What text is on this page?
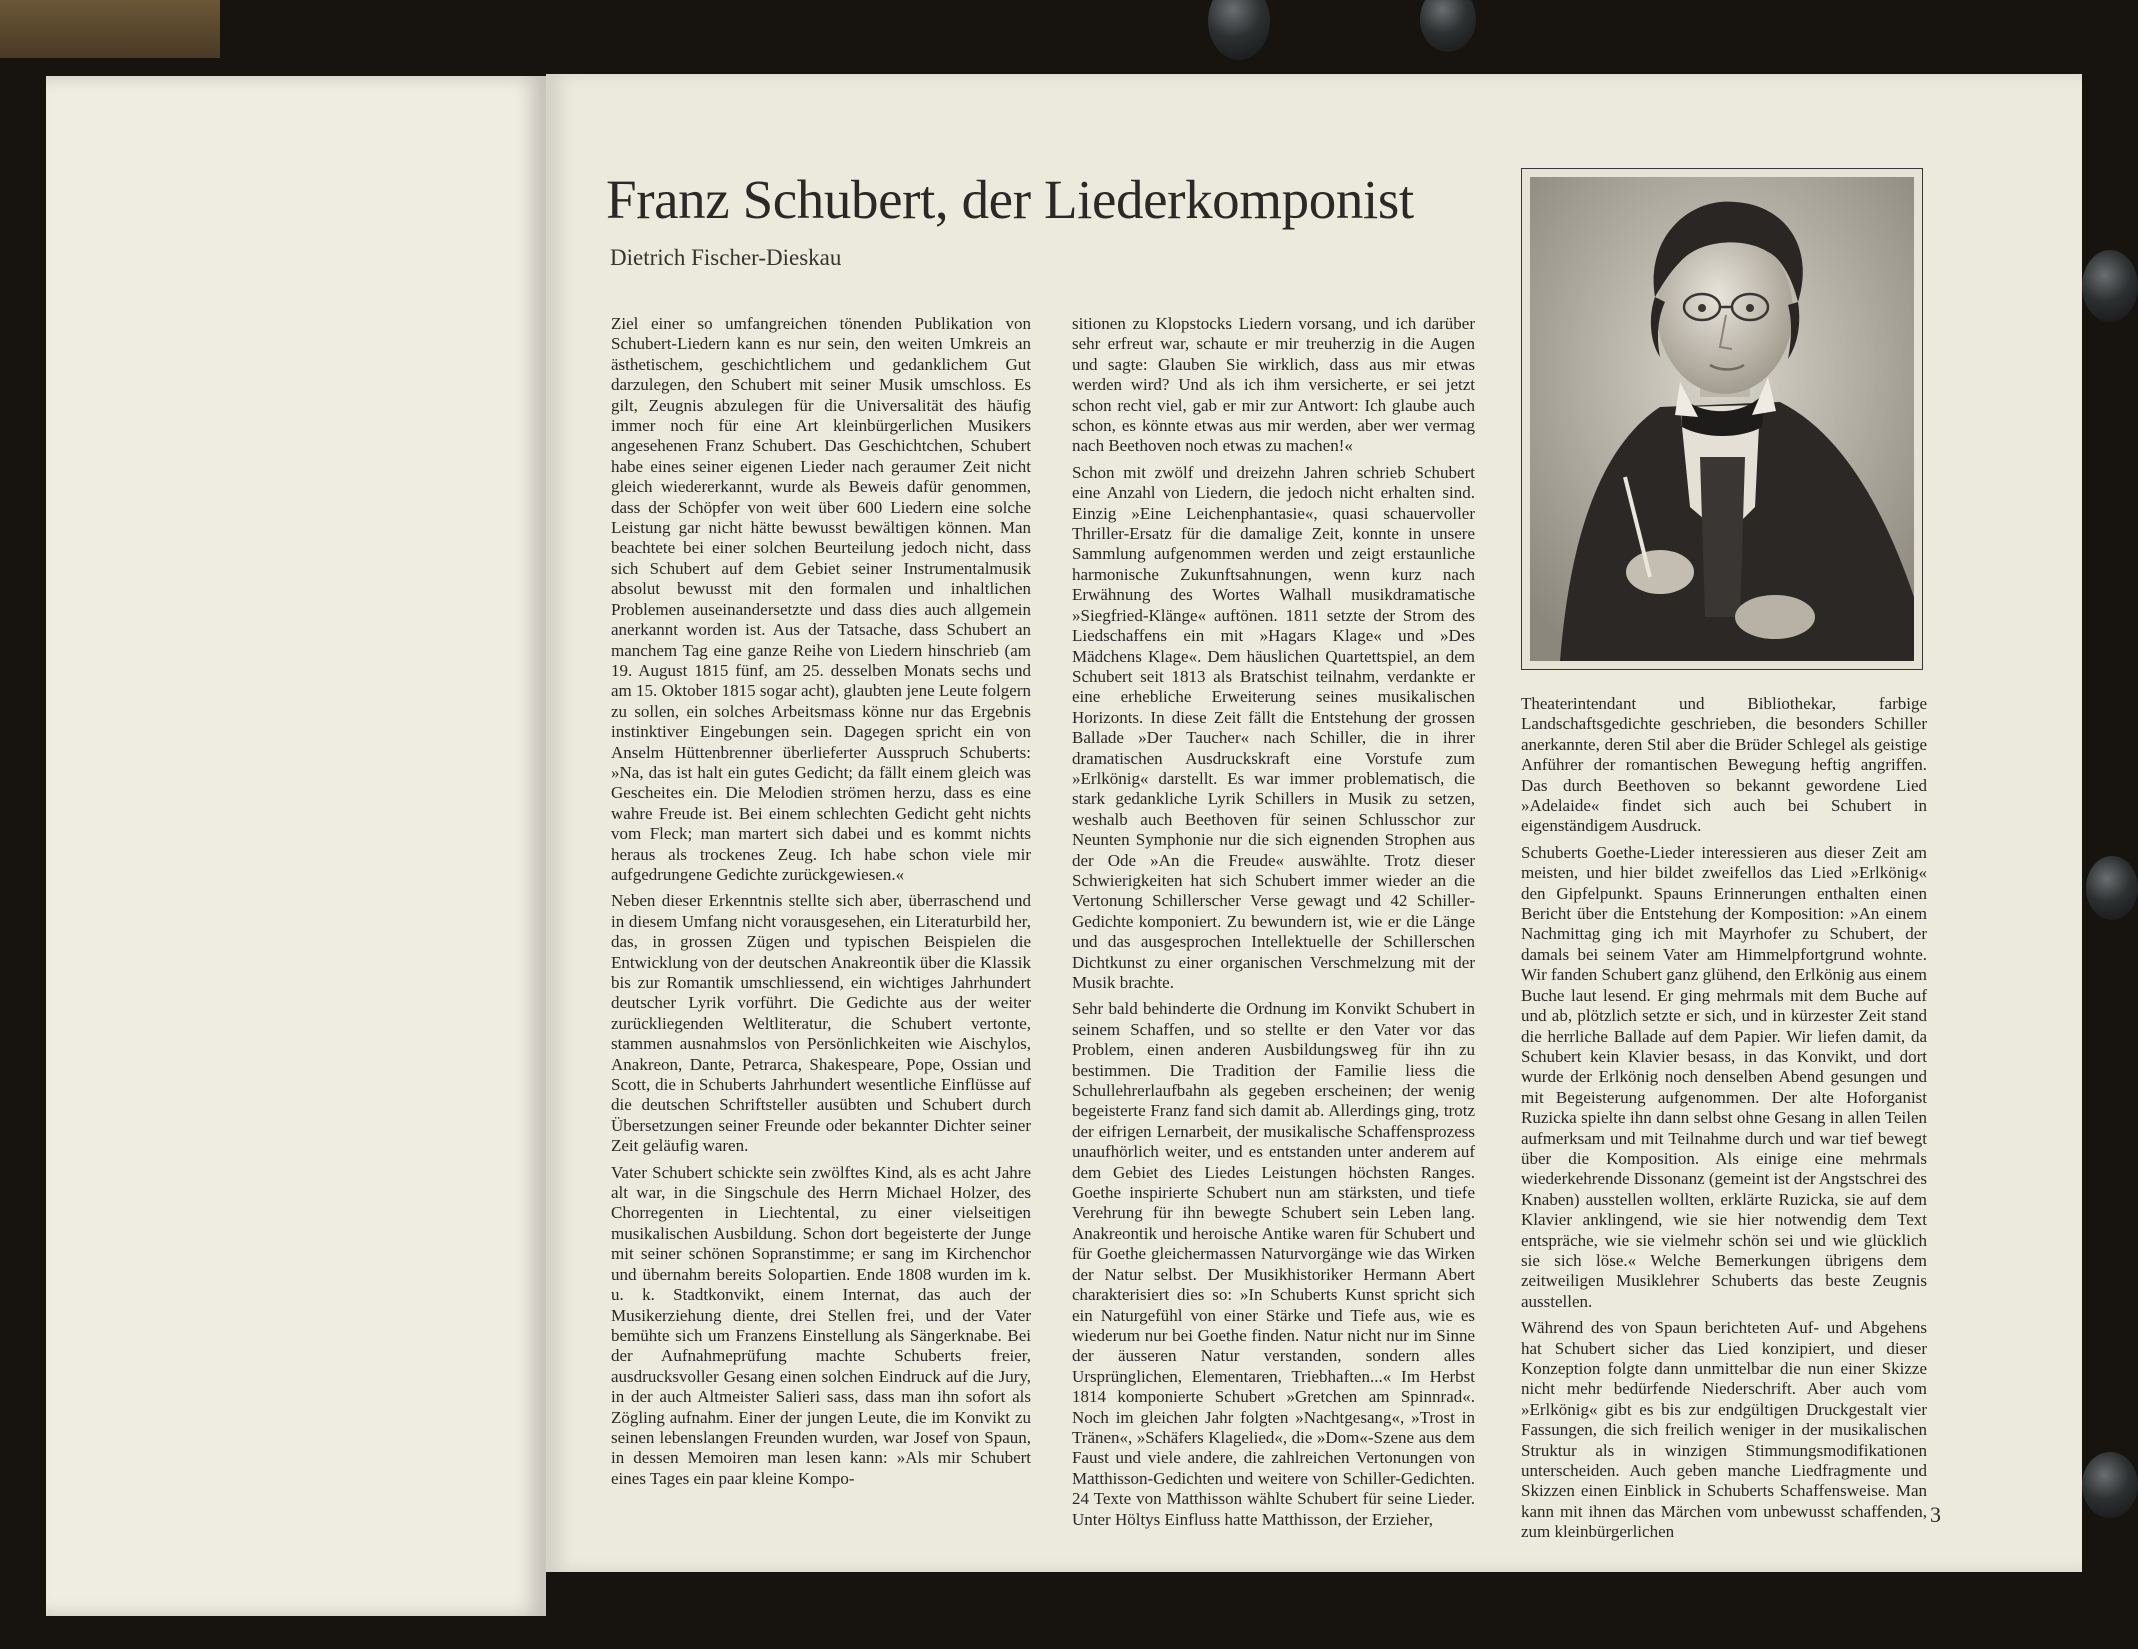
Franz Schubert, der Liederkomponist
Dietrich Fischer-Dieskau

Ziel einer so umfangreichen tönenden Publikation von Schubert-Liedern kann es nur sein, den weiten Umkreis an ästhetischem, geschichtlichem und gedanklichem Gut darzulegen, den Schubert mit seiner Musik umschloss. Es gilt, Zeugnis abzulegen für die Universalität des häufig immer noch für eine Art kleinbürgerlichen Musikers angesehenen Franz Schubert. Das Geschichtchen, Schubert habe eines seiner eigenen Lieder nach geraumer Zeit nicht gleich wiedererkannt, wurde als Beweis dafür genommen, dass der Schöpfer von weit über 600 Liedern eine solche Leistung gar nicht hätte bewusst bewältigen können. Man beachtete bei einer solchen Beurteilung jedoch nicht, dass sich Schubert auf dem Gebiet seiner Instrumentalmusik absolut bewusst mit den formalen und inhaltlichen Problemen auseinandersetzte und dass dies auch allgemein anerkannt worden ist. Aus der Tatsache, dass Schubert an manchem Tag eine ganze Reihe von Liedern hinschrieb (am 19. August 1815 fünf, am 25. desselben Monats sechs und am 15. Oktober 1815 sogar acht), glaubten jene Leute folgern zu sollen, ein solches Arbeitsmass könne nur das Ergebnis instinktiver Eingebungen sein. Dagegen spricht ein von Anselm Hüttenbrenner überlieferter Ausspruch Schuberts: »Na, das ist halt ein gutes Gedicht; da fällt einem gleich was Gescheites ein. Die Melodien strömen herzu, dass es eine wahre Freude ist. Bei einem schlechten Gedicht geht nichts vom Fleck; man martert sich dabei und es kommt nichts heraus als trockenes Zeug. Ich habe schon viele mir aufgedrungene Gedichte zurückgewiesen.«

Neben dieser Erkenntnis stellte sich aber, überraschend und in diesem Umfang nicht vorausgesehen, ein Literaturbild her, das, in grossen Zügen und typischen Beispielen die Entwicklung von der deutschen Anakreontik über die Klassik bis zur Romantik umschliessend, ein wichtiges Jahrhundert deutscher Lyrik vorführt. Die Gedichte aus der weiter zurückliegenden Weltliteratur, die Schubert vertonte, stammen ausnahmslos von Persönlichkeiten wie Aischylos, Anakreon, Dante, Petrarca, Shakespeare, Pope, Ossian und Scott, die in Schuberts Jahrhundert wesentliche Einflüsse auf die deutschen Schriftsteller ausübten und Schubert durch Übersetzungen seiner Freunde oder bekannter Dichter seiner Zeit geläufig waren.

Vater Schubert schickte sein zwölftes Kind, als es acht Jahre alt war, in die Singschule des Herrn Michael Holzer, des Chorregenten in Liechtental, zu einer vielseitigen musikalischen Ausbildung. Schon dort begeisterte der Junge mit seiner schönen Sopranstimme; er sang im Kirchenchor und übernahm bereits Solopartien. Ende 1808 wurden im k. u. k. Stadtkonvikt, einem Internat, das auch der Musikerziehung diente, drei Stellen frei, und der Vater bemühte sich um Franzens Einstellung als Sängerknabe. Bei der Aufnahmeprüfung machte Schuberts freier, ausdrucksvoller Gesang einen solchen Eindruck auf die Jury, in der auch Altmeister Salieri sass, dass man ihn sofort als Zögling aufnahm. Einer der jungen Leute, die im Konvikt zu seinen lebenslangen Freunden wurden, war Josef von Spaun, in dessen Memoiren man lesen kann: »Als mir Schubert eines Tages ein paar kleine Kompo-

sitionen zu Klopstocks Liedern vorsang, und ich darüber sehr erfreut war, schaute er mir treuherzig in die Augen und sagte: Glauben Sie wirklich, dass aus mir etwas werden wird? Und als ich ihm versicherte, er sei jetzt schon recht viel, gab er mir zur Antwort: Ich glaube auch schon, es könnte etwas aus mir werden, aber wer vermag nach Beethoven noch etwas zu machen!«

Schon mit zwölf und dreizehn Jahren schrieb Schubert eine Anzahl von Liedern, die jedoch nicht erhalten sind. Einzig »Eine Leichenphantasie«, quasi schauervoller Thriller-Ersatz für die damalige Zeit, konnte in unsere Sammlung aufgenommen werden und zeigt erstaunliche harmonische Zukunftsahnungen, wenn kurz nach Erwähnung des Wortes Walhall musikdramatische »Siegfried-Klänge« auftönen. 1811 setzte der Strom des Liedschaffens ein mit »Hagars Klage« und »Des Mädchens Klage«. Dem häuslichen Quartettspiel, an dem Schubert seit 1813 als Bratschist teilnahm, verdankte er eine erhebliche Erweiterung seines musikalischen Horizonts. In diese Zeit fällt die Entstehung der grossen Ballade »Der Taucher« nach Schiller, die in ihrer dramatischen Ausdruckskraft eine Vorstufe zum »Erlkönig« darstellt. Es war immer problematisch, die stark gedankliche Lyrik Schillers in Musik zu setzen, weshalb auch Beethoven für seinen Schlusschor zur Neunten Symphonie nur die sich eignenden Strophen aus der Ode »An die Freude« auswählte. Trotz dieser Schwierigkeiten hat sich Schubert immer wieder an die Vertonung Schillerscher Verse gewagt und 42 Schiller-Gedichte komponiert. Zu bewundern ist, wie er die Länge und das ausgesprochen Intellektuelle der Schillerschen Dichtkunst zu einer organischen Verschmelzung mit der Musik brachte.

Sehr bald behinderte die Ordnung im Konvikt Schubert in seinem Schaffen, und so stellte er den Vater vor das Problem, einen anderen Ausbildungsweg für ihn zu bestimmen. Die Tradition der Familie liess die Schullehrerlaufbahn als gegeben erscheinen; der wenig begeisterte Franz fand sich damit ab. Allerdings ging, trotz der eifrigen Lernarbeit, der musikalische Schaffensprozess unaufhörlich weiter, und es entstanden unter anderem auf dem Gebiet des Liedes Leistungen höchsten Ranges. Goethe inspirierte Schubert nun am stärksten, und tiefe Verehrung für ihn bewegte Schubert sein Leben lang. Anakreontik und heroische Antike waren für Schubert und für Goethe gleichermassen Naturvorgänge wie das Wirken der Natur selbst. Der Musikhistoriker Hermann Abert charakterisiert dies so: »In Schuberts Kunst spricht sich ein Naturgefühl von einer Stärke und Tiefe aus, wie es wiederum nur bei Goethe finden. Natur nicht nur im Sinne der äusseren Natur verstanden, sondern alles Ursprünglichen, Elementaren, Triebhaften...« Im Herbst 1814 komponierte Schubert »Gretchen am Spinnrad«. Noch im gleichen Jahr folgten »Nachtgesang«, »Trost in Tränen«, »Schäfers Klagelied«, die »Dom«-Szene aus dem Faust und viele andere, die zahlreichen Vertonungen von Matthisson-Gedichten und weitere von Schiller-Gedichten. 24 Texte von Matthisson wählte Schubert für seine Lieder. Unter Höltys Einfluss hatte Matthisson, der Erzieher,

Theaterintendant und Bibliothekar, farbige Landschaftsgedichte geschrieben, die besonders Schiller anerkannte, deren Stil aber die Brüder Schlegel als geistige Anführer der romantischen Bewegung heftig angriffen. Das durch Beethoven so bekannt gewordene Lied »Adelaide« findet sich auch bei Schubert in eigenständigem Ausdruck.

Schuberts Goethe-Lieder interessieren aus dieser Zeit am meisten, und hier bildet zweifellos das Lied »Erlkönig« den Gipfelpunkt. Spauns Erinnerungen enthalten einen Bericht über die Entstehung der Komposition: »An einem Nachmittag ging ich mit Mayrhofer zu Schubert, der damals bei seinem Vater am Himmelpfortgrund wohnte. Wir fanden Schubert ganz glühend, den Erlkönig aus einem Buche laut lesend. Er ging mehrmals mit dem Buche auf und ab, plötzlich setzte er sich, und in kürzester Zeit stand die herrliche Ballade auf dem Papier. Wir liefen damit, da Schubert kein Klavier besass, in das Konvikt, und dort wurde der Erlkönig noch denselben Abend gesungen und mit Begeisterung aufgenommen. Der alte Hoforganist Ruzicka spielte ihn dann selbst ohne Gesang in allen Teilen aufmerksam und mit Teilnahme durch und war tief bewegt über die Komposition. Als einige eine mehrmals wiederkehrende Dissonanz (gemeint ist der Angstschrei des Knaben) ausstellen wollten, erklärte Ruzicka, sie auf dem Klavier anklingend, wie sie hier notwendig dem Text entspräche, wie sie vielmehr schön sei und wie glücklich sie sich löse.« Welche Bemerkungen übrigens dem zeitweiligen Musiklehrer Schuberts das beste Zeugnis ausstellen.

Während des von Spaun berichteten Auf- und Abgehens hat Schubert sicher das Lied konzipiert, und dieser Konzeption folgte dann unmittelbar die nun einer Skizze nicht mehr bedürfende Niederschrift. Aber auch vom »Erlkönig« gibt es bis zur endgültigen Druckgestalt vier Fassungen, die sich freilich weniger in der musikalischen Struktur als in winzigen Stimmungsmodifikationen unterscheiden. Auch geben manche Liedfragmente und Skizzen einen Einblick in Schuberts Schaffensweise. Man kann mit ihnen das Märchen vom unbewusst schaffenden, zum kleinbürgerlichen

3
